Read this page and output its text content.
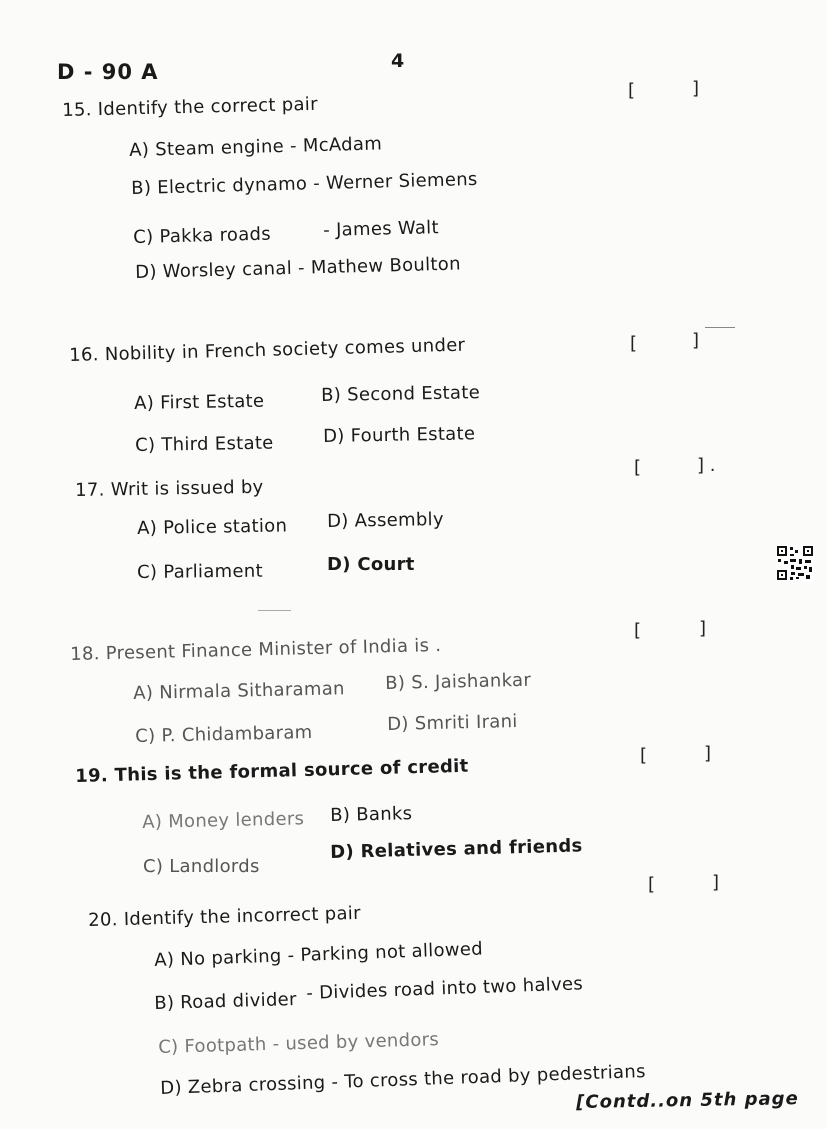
D - 90 A	4
15. Identify the correct pair
[	]
A) Steam engine - McAdam
B) Electric dynamo - Werner Siemens
C) Pakka roads	- James Walt
D) Worsley canal - Mathew Boulton
16. Nobility in French society comes under	[	]
A) First Estate	B) Second Estate
C) Third Estate	D) Fourth Estate
17. Writ is issued by
[	] .
A) Police station D) Assembly
C) Parliament	D) Court
18. Present Finance Minister of India is .
[	]
A) Nirmala Sitharaman B) S. Jaishankar
C) P. Chidambaram	D) Smriti Irani
19. This is the formal source of credit
[	]
A) Money lenders B) Banks
C) Landlords
D) Relatives and friends
20. Identify the incorrect pair
[	]
A) No parking - Parking not allowed
B) Road divider - Divides road into two halves
C) Footpath - used by vendors
D) Zebra crossing - To cross the road by pedestrians
[Contd..on 5th page
